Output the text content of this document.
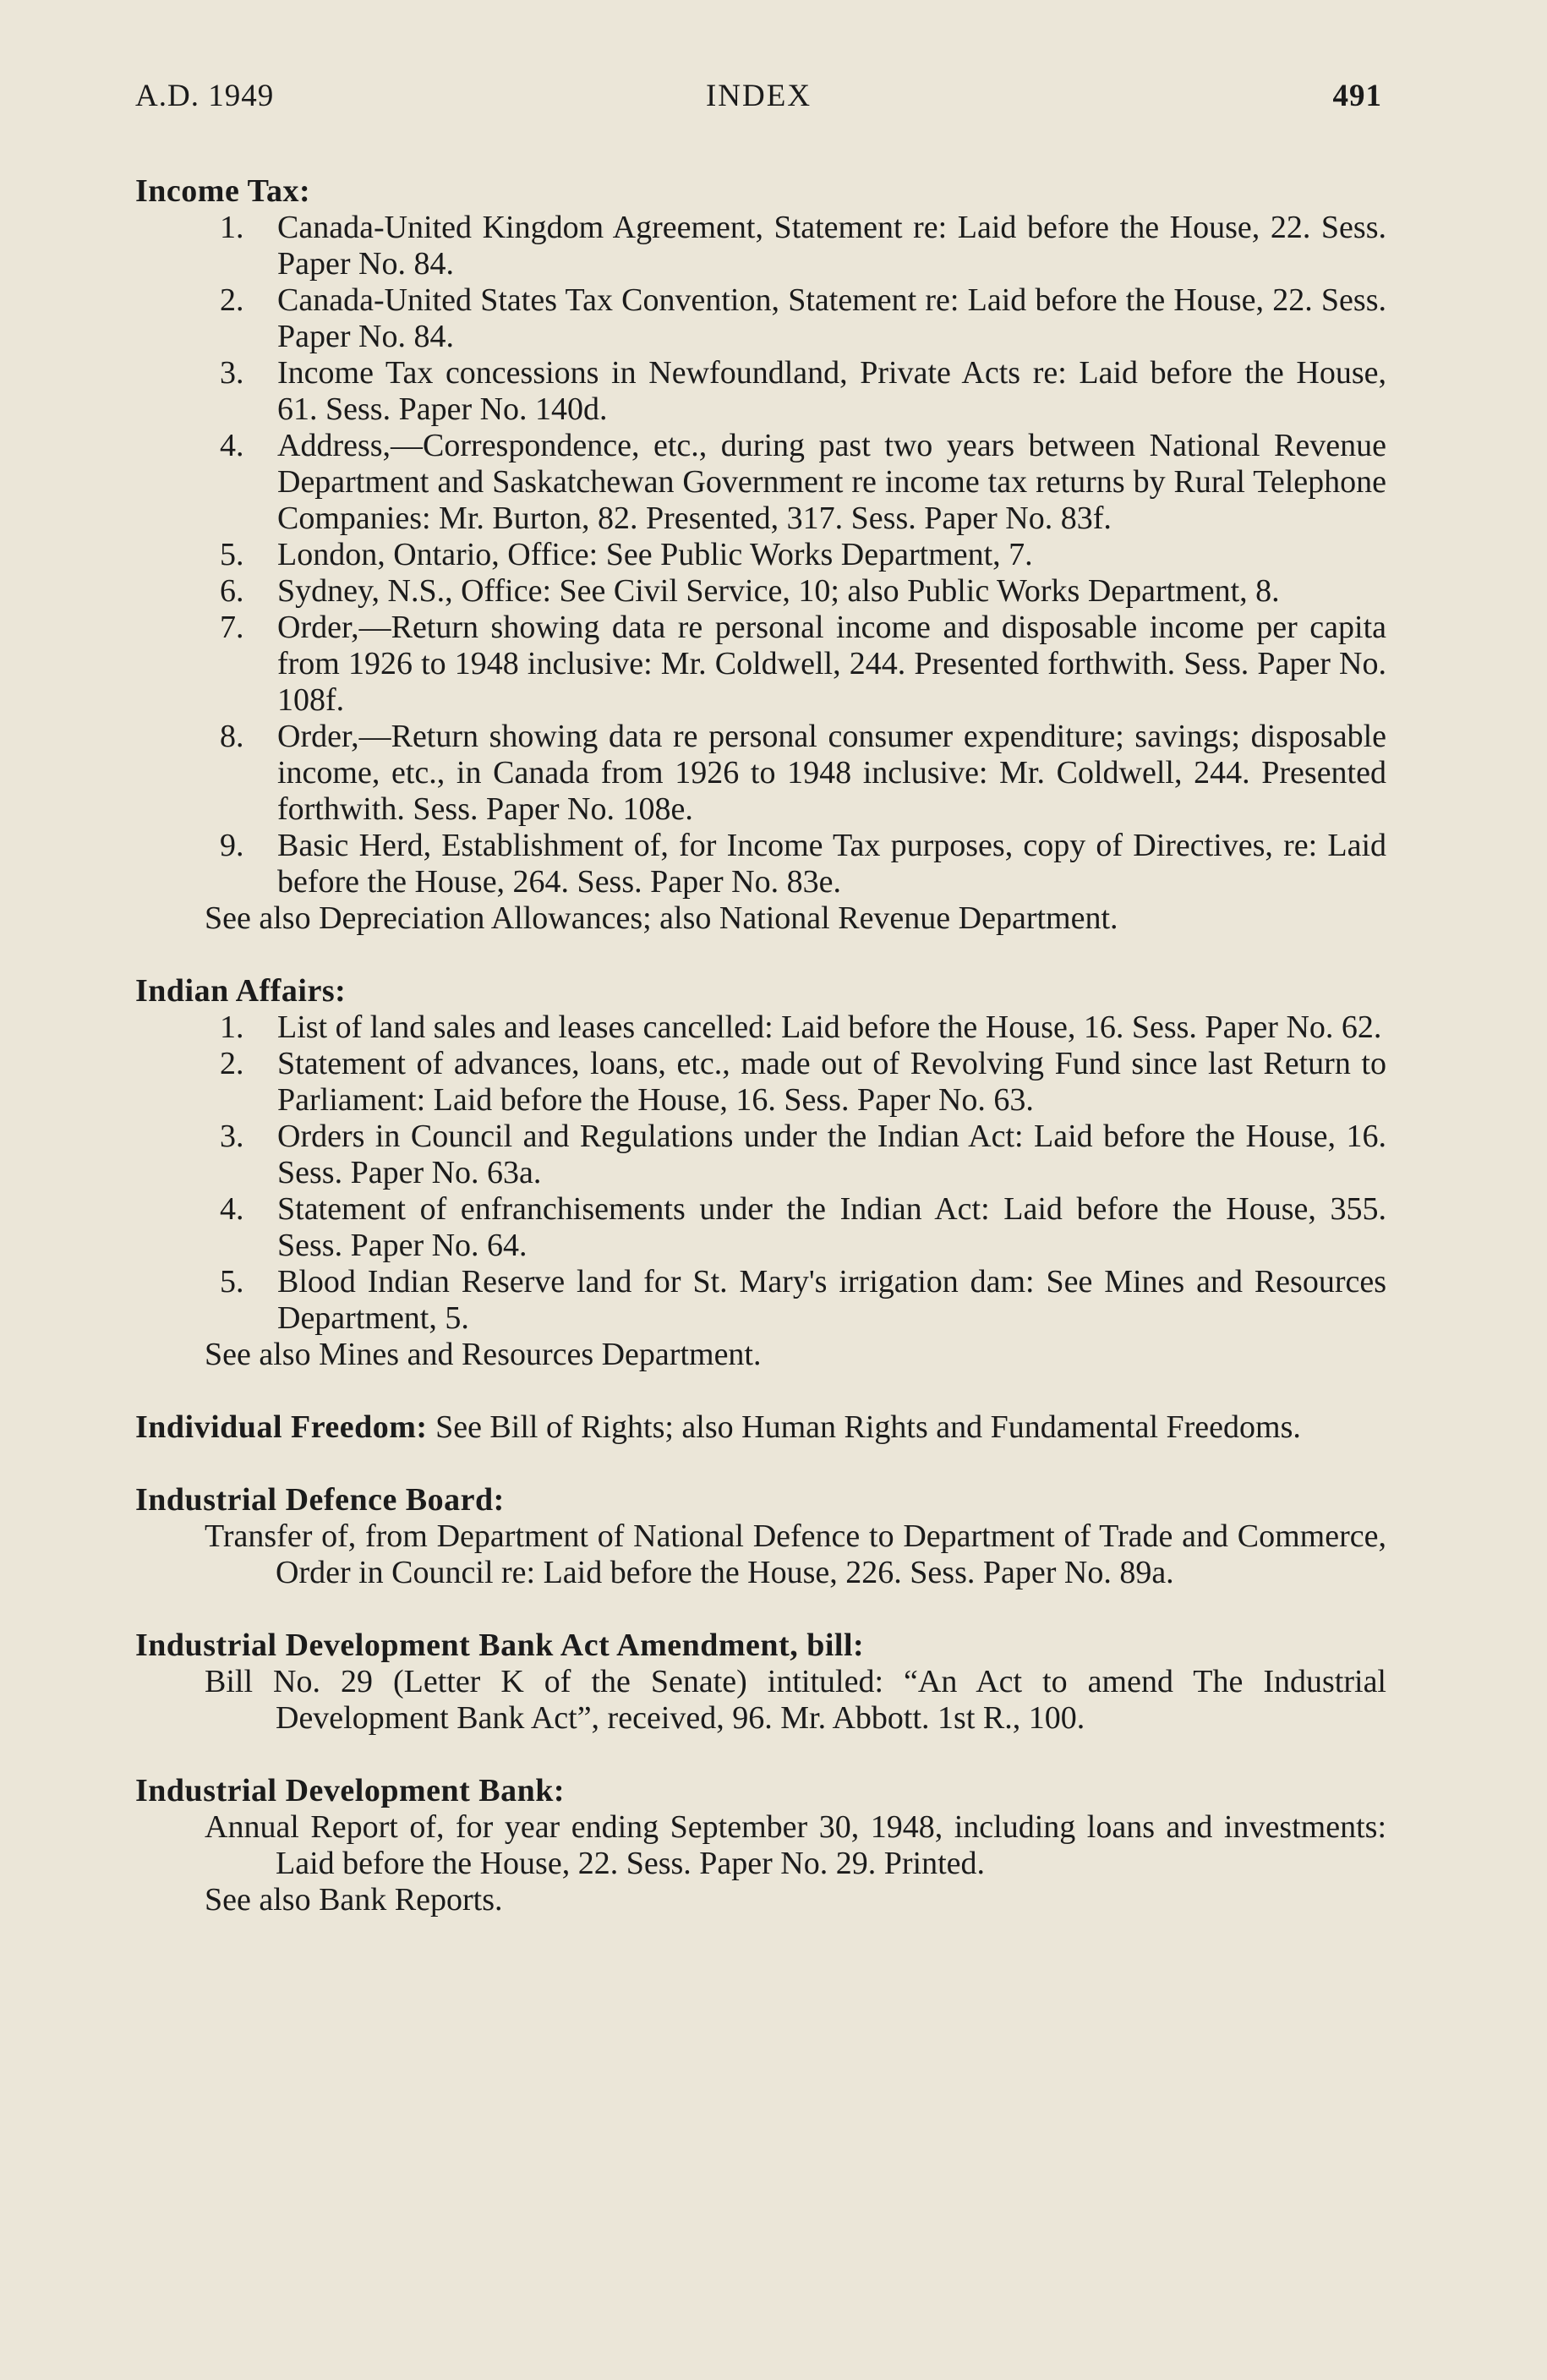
A.D. 1949	INDEX	491
Income Tax:
1.	Canada-United Kingdom Agreement, Statement re: Laid before the House, 22. Sess. Paper No. 84.
2.	Canada-United States Tax Convention, Statement re: Laid before the House, 22. Sess. Paper No. 84.
3.	Income Tax concessions in Newfoundland, Private Acts re: Laid before the House, 61. Sess. Paper No. 140d.
4.	Address,—Correspondence, etc., during past two years between National Revenue Department and Saskatchewan Government re income tax returns by Rural Telephone Companies: Mr. Burton, 82. Presented, 317. Sess. Paper No. 83f.
5.	London, Ontario, Office: See Public Works Department, 7.
6.	Sydney, N.S., Office: See Civil Service, 10; also Public Works Department, 8.
7.	Order,—Return showing data re personal income and disposable income per capita from 1926 to 1948 inclusive: Mr. Coldwell, 244. Presented forthwith. Sess. Paper No. 108f.
8.	Order,—Return showing data re personal consumer expenditure; savings; disposable income, etc., in Canada from 1926 to 1948 inclusive: Mr. Coldwell, 244. Presented forthwith. Sess. Paper No. 108e.
9.	Basic Herd, Establishment of, for Income Tax purposes, copy of Directives, re: Laid before the House, 264. Sess. Paper No. 83e.
See also Depreciation Allowances; also National Revenue Department.
Indian Affairs:
1.	List of land sales and leases cancelled: Laid before the House, 16. Sess. Paper No. 62.
2.	Statement of advances, loans, etc., made out of Revolving Fund since last Return to Parliament: Laid before the House, 16. Sess. Paper No. 63.
3.	Orders in Council and Regulations under the Indian Act: Laid before the House, 16. Sess. Paper No. 63a.
4.	Statement of enfranchisements under the Indian Act: Laid before the House, 355. Sess. Paper No. 64.
5.	Blood Indian Reserve land for St. Mary's irrigation dam: See Mines and Resources Department, 5.
See also Mines and Resources Department.
Individual Freedom: See Bill of Rights; also Human Rights and Fundamental Freedoms.
Industrial Defence Board:
Transfer of, from Department of National Defence to Department of Trade and Commerce, Order in Council re: Laid before the House, 226. Sess. Paper No. 89a.
Industrial Development Bank Act Amendment, bill:
Bill No. 29 (Letter K of the Senate) intituled: “An Act to amend The Industrial Development Bank Act”, received, 96. Mr. Abbott. 1st R., 100.
Industrial Development Bank:
Annual Report of, for year ending September 30, 1948, including loans and investments: Laid before the House, 22. Sess. Paper No. 29. Printed.
See also Bank Reports.
